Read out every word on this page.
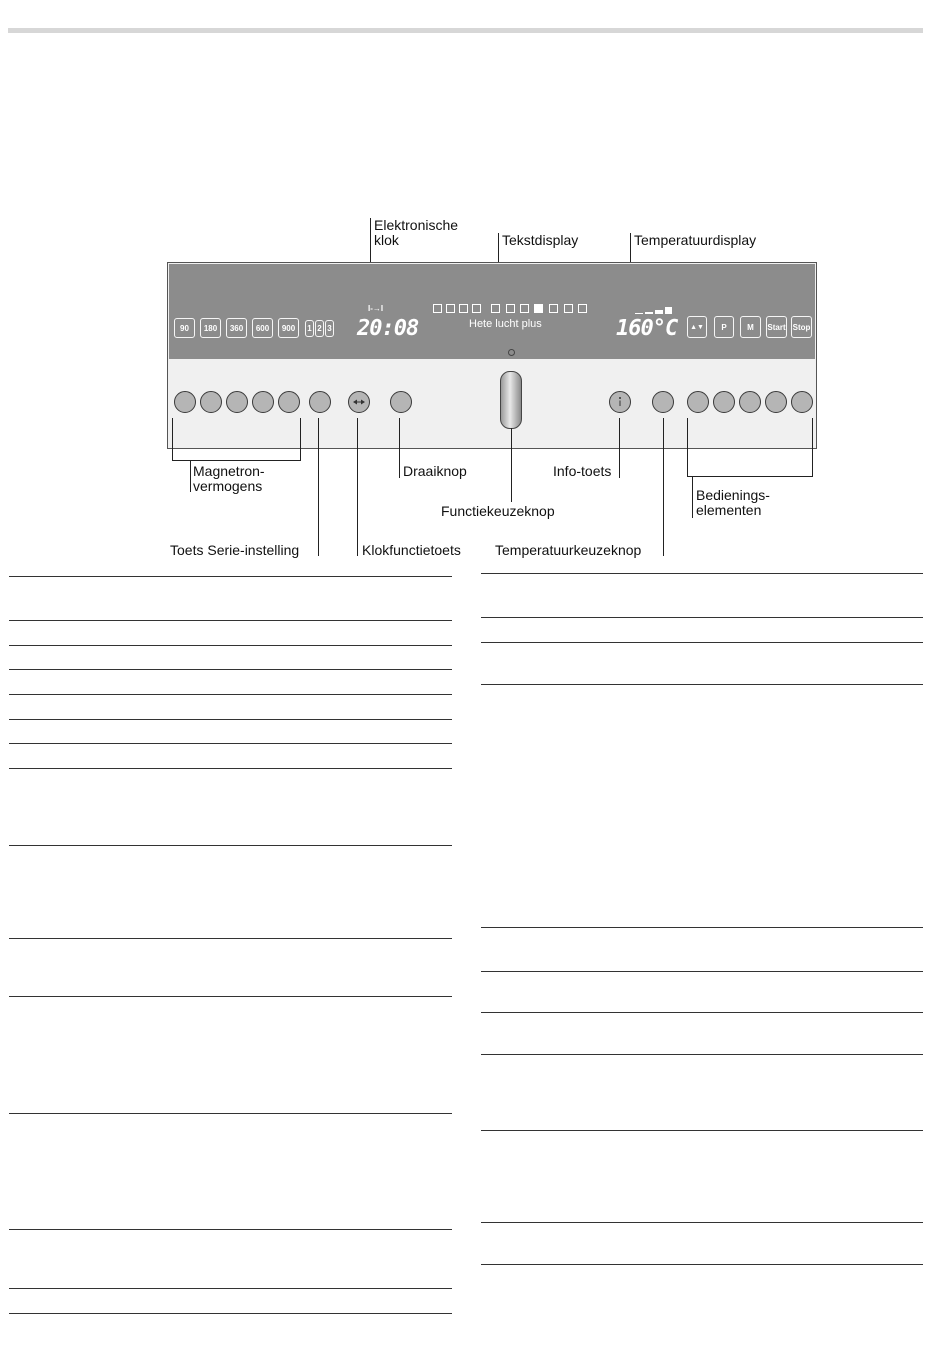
Elektronische
klok	Tekstdisplay	Temperatuurdisplay
90	180	360	600	900	1 2 3
I-→I
20:08	Hete lucht plus	160°C	▲▼	P	M	Start Stop
Magnetron-
vermogens
Draaiknop	Info-toets
Bedienings-
elementen
Functiekeuzeknop
Toets Serie-instelling	Klokfunctietoets Temperatuurkeuzeknop
